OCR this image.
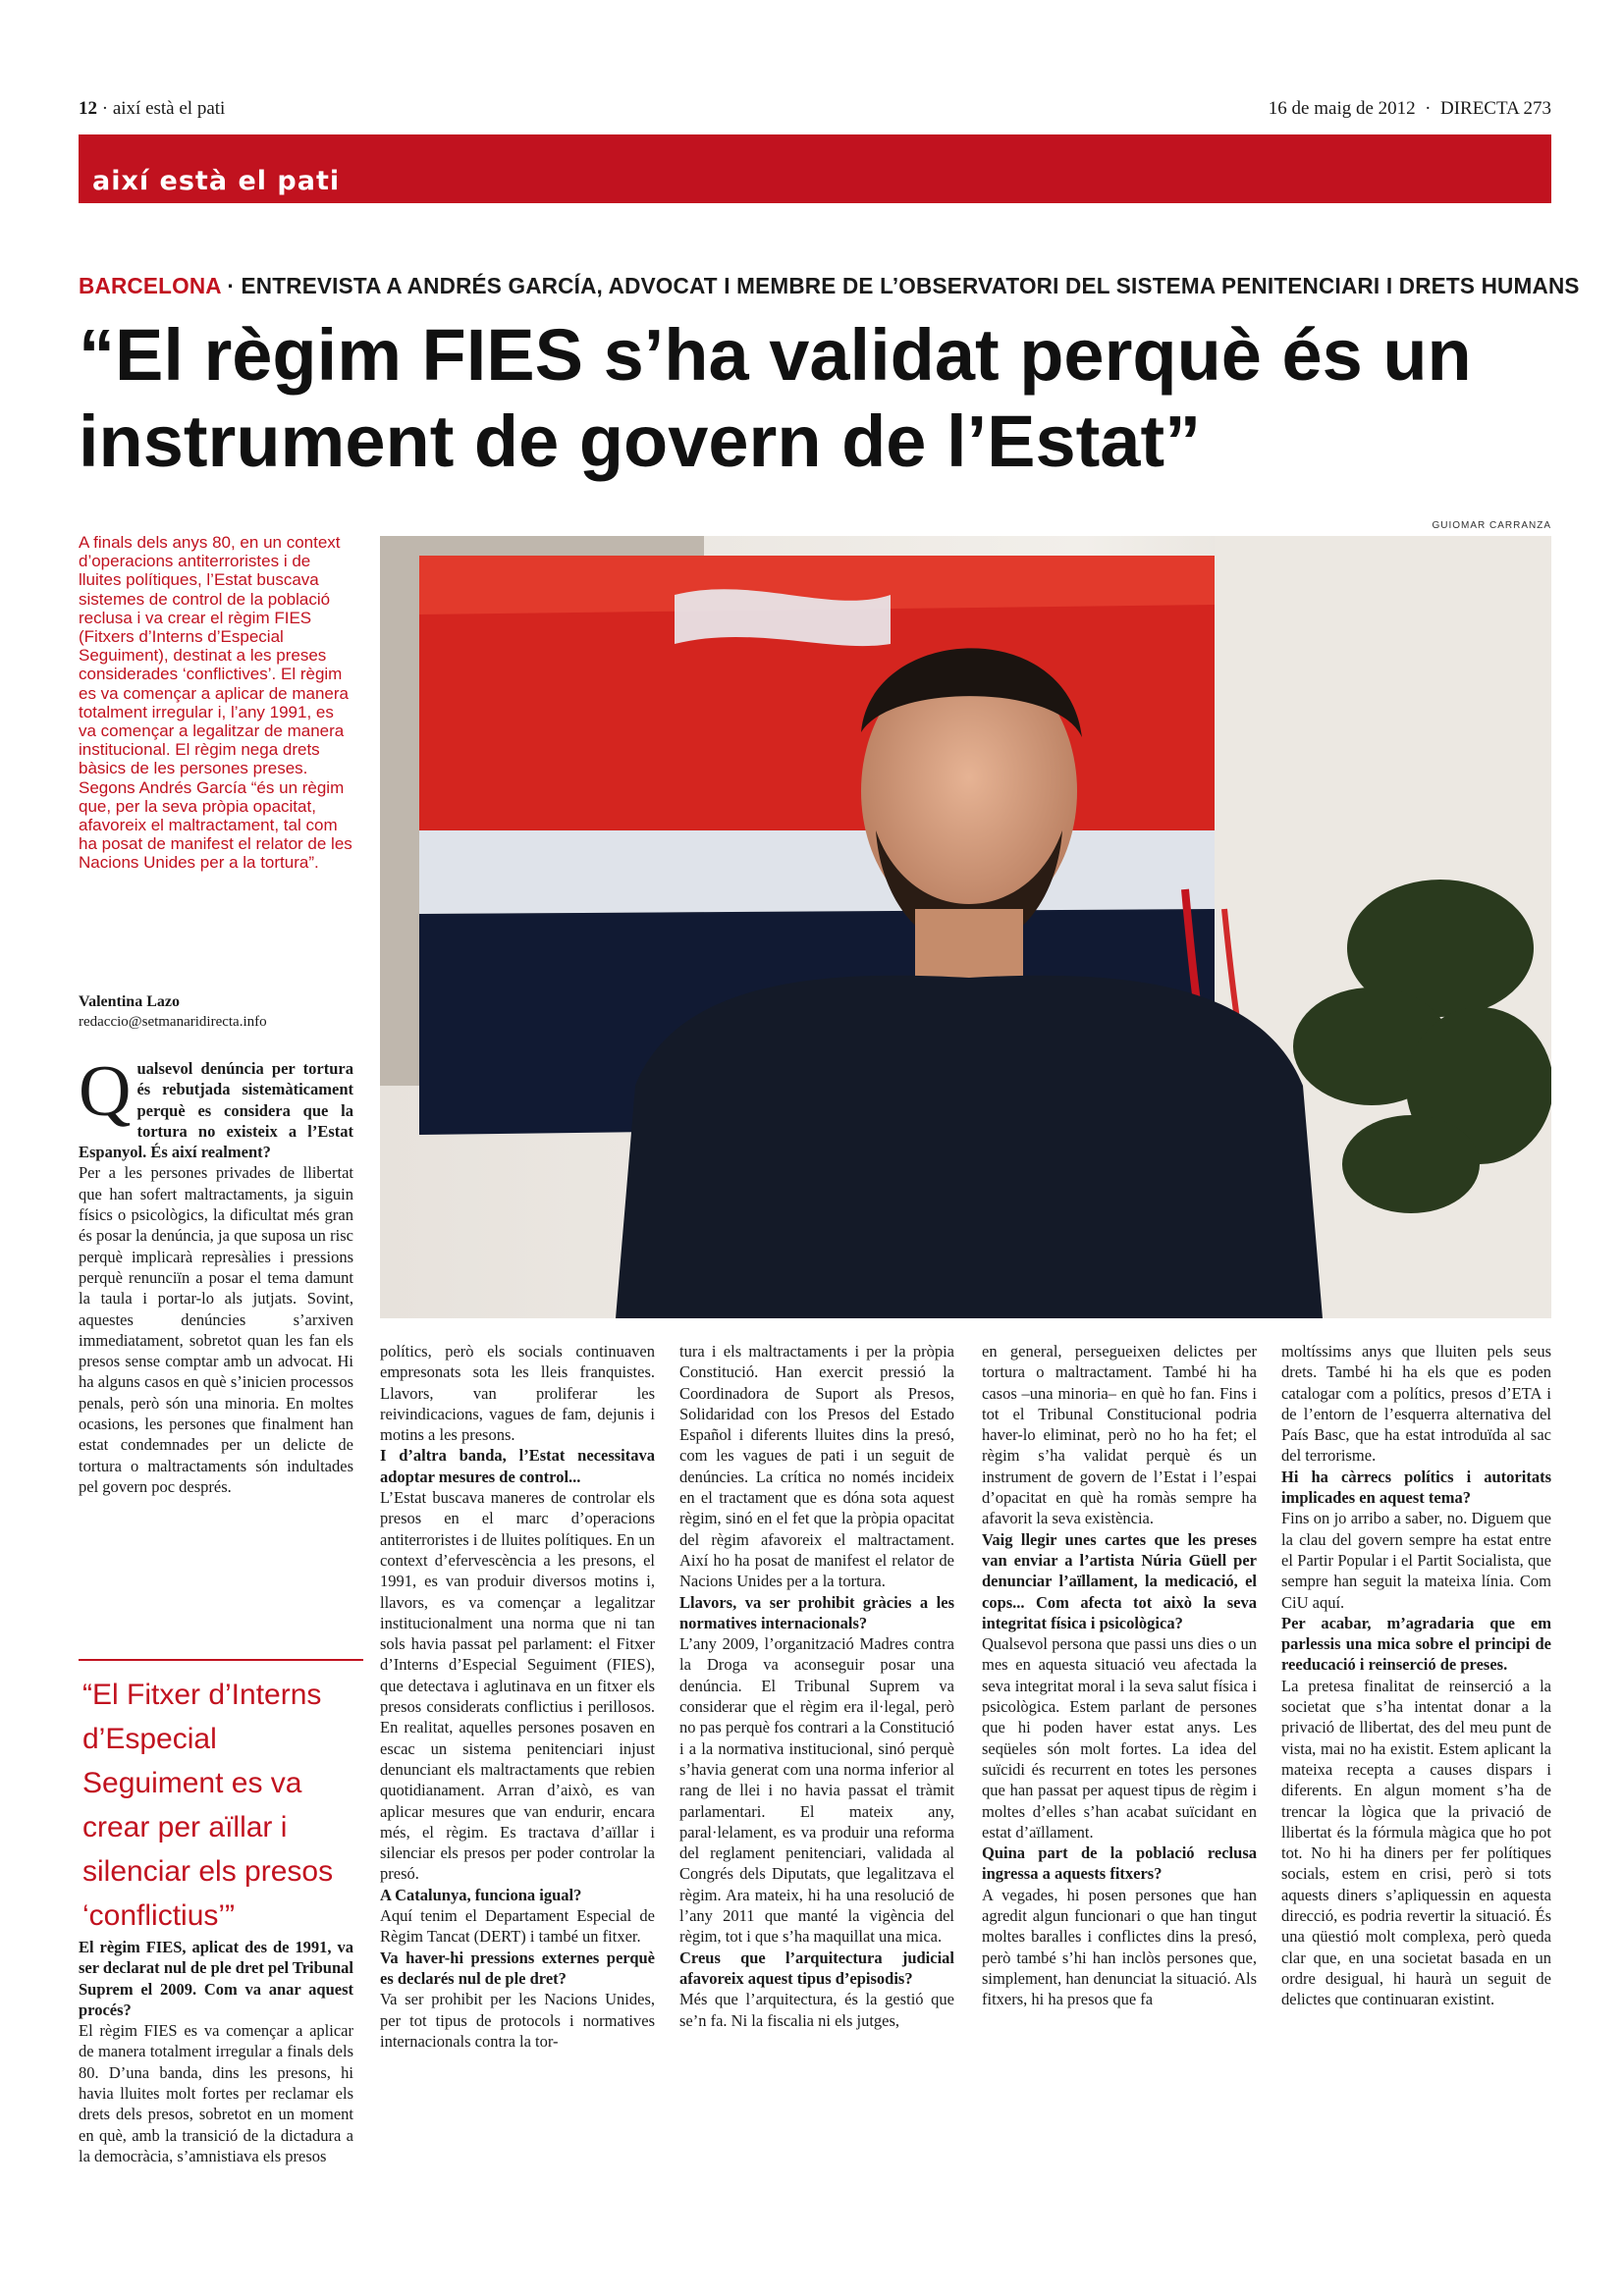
12 · així està el pati	16 de maig de 2012  ·  DIRECTA 273
així està el pati
BARCELONA · ENTREVISTA A ANDRÉS GARCÍA, ADVOCAT I MEMBRE DE L’OBSERVATORI DEL SISTEMA PENITENCIARI I DRETS HUMANS
“El règim FIES s’ha validat perquè és un instrument de govern de l’Estat”
GUIOMAR CARRANZA

A finals dels anys 80, en un context d’operacions antiterroristes i de lluites polítiques, l’Estat buscava sistemes de control de la població reclusa i va crear el règim FIES (Fitxers d’Interns d’Especial Seguiment), destinat a les preses considerades ‘conflictives’. El règim es va començar a aplicar de manera totalment irregular i, l’any 1991, es va començar a legalitzar de manera institucional. El règim nega drets bàsics de les persones preses. Segons Andrés García “és un règim que, per la seva pròpia opacitat, afavoreix el maltractament, tal com ha posat de manifest el relator de les Nacions Unides per a la tortura”.

Valentina Lazo
redaccio@setmanaridirecta.info
Q ualsevol denúncia per tortura és rebutjada sistemàticament perquè es considera que la tortura no existeix a l’Estat Espanyol. És així realment?

Per a les persones privades de llibertat que han sofert maltractaments, ja siguin físics o psicològics, la dificultat més gran és posar la denúncia, ja que suposa un risc perquè implicarà represàlies i pressions perquè renunciïn a posar el tema damunt la taula i portar-lo als jutjats. Sovint, aquestes denúncies s’arxiven immediatament, sobretot quan les fan els presos sense comptar amb un advocat. Hi ha alguns casos en què s’inicien processos penals, però són una minoria. En moltes ocasions, les persones que finalment han estat condemnades per un delicte de tortura o maltractaments són indultades pel govern poc després.

“El Fitxer d’Interns d’Especial Seguiment es va crear per aïllar i silenciar els presos ‘conflictius’”

El règim FIES, aplicat des de 1991, va ser declarat nul de ple dret pel Tribunal Suprem el 2009. Com va anar aquest procés?

El règim FIES es va començar a aplicar de manera totalment irregular a finals dels 80. D’una banda, dins les presons, hi havia lluites molt fortes per reclamar els drets dels presos, sobretot en un moment en què, amb la transició de la dictadura a la democràcia, s’amnistiava els presos

polítics, però els socials continuaven empresonats sota les lleis franquistes. Llavors, van proliferar les reivindicacions, vagues de fam, dejunis i motins a les presons.

I d’altra banda, l’Estat necessitava adoptar mesures de control...

L’Estat buscava maneres de controlar els presos en el marc d’operacions antiterroristes i de lluites polítiques. En un context d’efervescència a les presons, el 1991, es van produir diversos motins i, llavors, es va començar a legalitzar institucionalment una norma que ni tan sols havia passat pel parlament: el Fitxer d’Interns d’Especial Seguiment (FIES), que detectava i aglutinava en un fitxer els presos considerats conflictius i perillosos. En realitat, aquelles persones posaven en escac un sistema penitenciari injust denunciant els maltractaments que rebien quotidianament. Arran d’això, es van aplicar mesures que van endurir, encara més, el règim. Es tractava d’aïllar i silenciar els presos per poder controlar la presó.

A Catalunya, funciona igual?

Aquí tenim el Departament Especial de Règim Tancat (DERT) i també un fitxer.

Va haver-hi pressions externes perquè es declarés nul de ple dret?

Va ser prohibit per les Nacions Unides, per tot tipus de protocols i normatives internacionals contra la tor-

tura i els maltractaments i per la pròpia Constitució. Han exercit pressió la Coordinadora de Suport als Presos, Solidaridad con los Presos del Estado Español i diferents lluites dins la presó, com les vagues de pati i un seguit de denúncies. La crítica no només incideix en el tractament que es dóna sota aquest règim, sinó en el fet que la pròpia opacitat del règim afavoreix el maltractament. Així ho ha posat de manifest el relator de Nacions Unides per a la tortura.

Llavors, va ser prohibit gràcies a les normatives internacionals?

L’any 2009, l’organització Madres contra la Droga va aconseguir posar una denúncia. El Tribunal Suprem va considerar que el règim era il·legal, però no pas perquè fos contrari a la Constitució i a la normativa institucional, sinó perquè s’havia generat com una norma inferior al rang de llei i no havia passat el tràmit parlamentari. El mateix any, paral·lelament, es va produir una reforma del reglament penitenciari, validada al Congrés dels Diputats, que legalitzava el règim. Ara mateix, hi ha una resolució de l’any 2011 que manté la vigència del règim, tot i que s’ha maquillat una mica.

Creus que l’arquitectura judicial afavoreix aquest tipus d’episodis?

Més que l’arquitectura, és la gestió que se’n fa. Ni la fiscalia ni els jutges,

en general, persegueixen delictes per tortura o maltractament. També hi ha casos –una minoria– en què ho fan. Fins i tot el Tribunal Constitucional podria haver-lo eliminat, però no ho ha fet; el règim s’ha validat perquè és un instrument de govern de l’Estat i l’espai d’opacitat en què ha romàs sempre ha afavorit la seva existència.

Vaig llegir unes cartes que les preses van enviar a l’artista Núria Güell per denunciar l’aïllament, la medicació, el cops... Com afecta tot això la seva integritat física i psicològica?

Qualsevol persona que passi uns dies o un mes en aquesta situació veu afectada la seva integritat moral i la seva salut física i psicològica. Estem parlant de persones que hi poden haver estat anys. Les seqüeles són molt fortes. La idea del suïcidi és recurrent en totes les persones que han passat per aquest tipus de règim i moltes d’elles s’han acabat suïcidant en estat d’aïllament.

Quina part de la població reclusa ingressa a aquests fitxers?

A vegades, hi posen persones que han agredit algun funcionari o que han tingut moltes baralles i conflictes dins la presó, però també s’hi han inclòs persones que, simplement, han denunciat la situació. Als fitxers, hi ha presos que fa

moltíssims anys que lluiten pels seus drets. També hi ha els que es poden catalogar com a polítics, presos d’ETA i de l’entorn de l’esquerra alternativa del País Basc, que ha estat introduïda al sac del terrorisme.

Hi ha càrrecs polítics i autoritats implicades en aquest tema?

Fins on jo arribo a saber, no. Diguem que la clau del govern sempre ha estat entre el Partir Popular i el Partit Socialista, que sempre han seguit la mateixa línia. Com CiU aquí.

Per acabar, m’agradaria que em parlessis una mica sobre el principi de reeducació i reinserció de preses.

La pretesa finalitat de reinserció a la societat que s’ha intentat donar a la privació de llibertat, des del meu punt de vista, mai no ha existit. Estem aplicant la mateixa recepta a causes dispars i diferents. En algun moment s’ha de trencar la lògica que la privació de llibertat és la fórmula màgica que ho pot tot. No hi ha diners per fer polítiques socials, estem en crisi, però si tots aquests diners s’apliquessin en aquesta direcció, es podria revertir la situació. És una qüestió molt complexa, però queda clar que, en una societat basada en un ordre desigual, hi haurà un seguit de delictes que continuaran existint.
